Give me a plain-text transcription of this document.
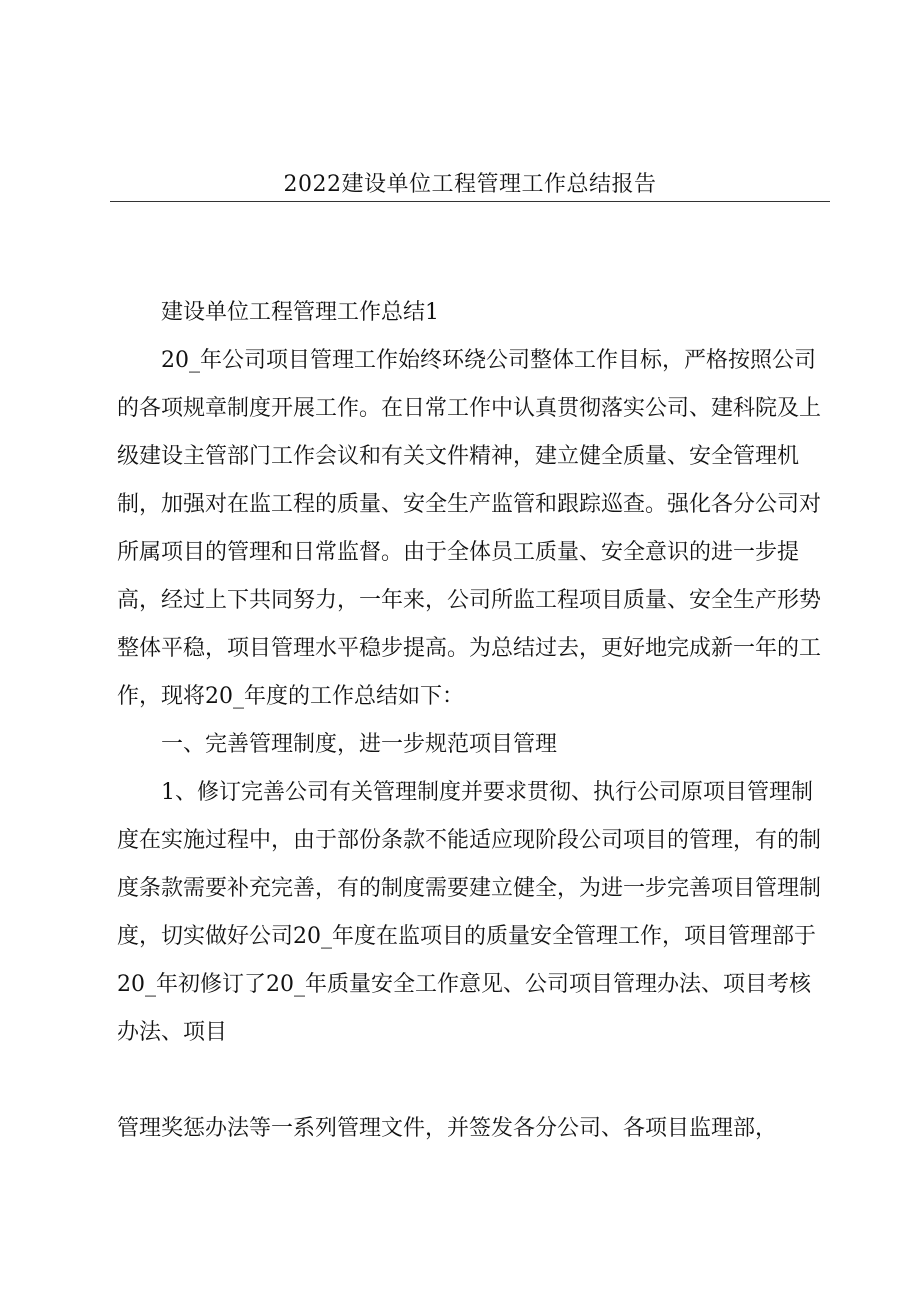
2022建设单位工程管理工作总结报告

建设单位工程管理工作总结1

20_年公司项目管理工作始终环绕公司整体工作目标，严格按照公司的各项规章制度开展工作。在日常工作中认真贯彻落实公司、建科院及上级建设主管部门工作会议和有关文件精神，建立健全质量、安全管理机制，加强对在监工程的质量、安全生产监管和跟踪巡查。强化各分公司对所属项目的管理和日常监督。由于全体员工质量、安全意识的进一步提高，经过上下共同努力，一年来，公司所监工程项目质量、安全生产形势整体平稳，项目管理水平稳步提高。为总结过去，更好地完成新一年的工作，现将20_年度的工作总结如下：

一、完善管理制度，进一步规范项目管理

1、修订完善公司有关管理制度并要求贯彻、执行公司原项目管理制度在实施过程中，由于部份条款不能适应现阶段公司项目的管理，有的制度条款需要补充完善，有的制度需要建立健全，为进一步完善项目管理制度，切实做好公司20_年度在监项目的质量安全管理工作，项目管理部于20_年初修订了20_年质量安全工作意见、公司项目管理办法、项目考核办法、项目

管理奖惩办法等一系列管理文件，并签发各分公司、各项目监理部，
